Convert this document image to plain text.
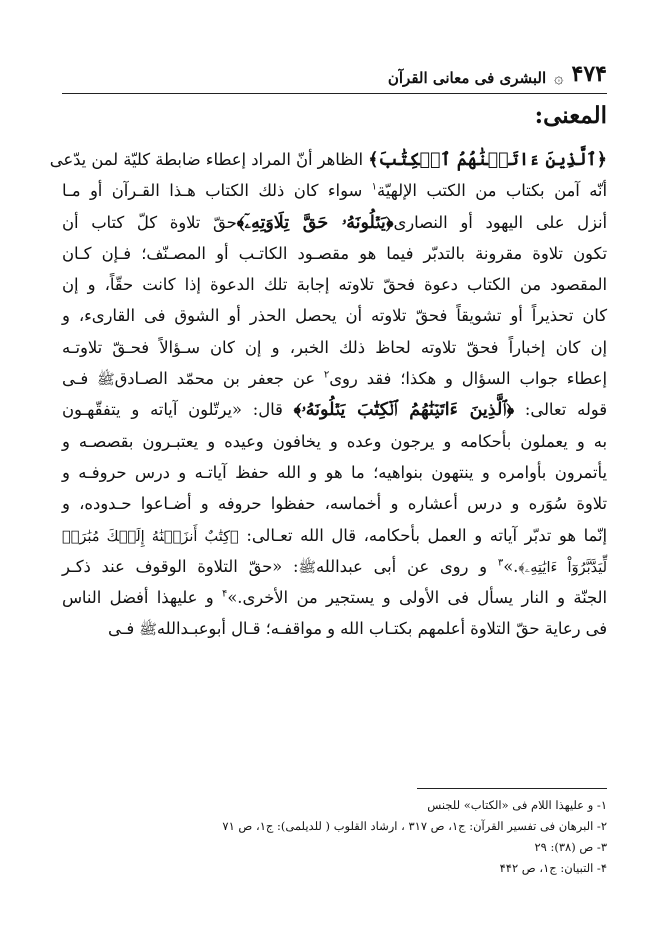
۴۷۴
۞
البشرى فى معانى القرآن
المعنى:
﴿ٱلَّذِينَ ءَاتَيۡنَٰهُمُ ٱلۡكِتَٰبَ﴾ الظاهر أنّ المراد إعطاء ضابطة كليّة لمن يدّعى
أنّه آمن بكتاب من الكتب الإلهيّة$^١$ سواء كان ذلك الكتاب هـذا القـرآن أو مـا
أنزل على اليهود أو النصارى﴿يَتۡلُونَهُۥ حَقَّ تِلَاوَتِهِۦٓ﴾حقّ تلاوة كلّ كتاب أن
تكون تلاوة مقرونة بالتدبّر فيما هو مقصـود الكاتـب أو المصـنّف؛ فـإن كـان
المقصود من الكتاب دعوة فحقّ تلاوته إجابة تلك الدعوة إذا كانت حقّاً، و إن
كان تحذيراً أو تشويقاً فحقّ تلاوته أن يحصل الحذر أو الشوق فى القارىء، و
إن كان إخباراً فحقّ تلاوته لحاظ ذلك الخبر، و إن كان سـؤالاً فحـقّ تلاوتـه
إعطاء جواب السؤال و هكذا؛ فقد روى$^٢$ عن جعفر بن محمّد الصـادقﷺ فـى
قوله تعالى: ﴿ٱلَّذِينَ ءَاتَيۡنَٰهُمُ ٱلۡكِتَٰبَ يَتۡلُونَهُۥ﴾ قال: «يرتّلون آياته و يتفقّهـون
به و يعملون بأحكامه و يرجون وعده و يخافون وعيده و يعتبـرون بقصصـه و
يأتمرون بأوامره و ينتهون بنواهيه؛ ما هو و الله حفظ آياتـه و درس حروفـه و
تلاوة سُوَره و درس أعشاره و أخماسه، حفظوا حروفه و أضـاعوا حـدوده، و
إنّما هو تدبّر آياته و العمل بأحكامه، قال الله تعـالى: ﴿كِتَٰبٌ أَنزَلۡنَٰهُ إِلَيۡكَ مُبَٰرَكٞ
لِّيَدَّبَّرُوٓاْ ءَايَٰتِهِۦ﴾.»$^٣$ و روى عن أبى عبداللهﷺ: «حقّ التلاوة الوقوف عند ذكـر
الجنّة و النار يسأل فى الأولى و يستجير من الأخرى.»$^۴$ و عليهذا أفضل الناس
فى رعاية حقّ التلاوة أعلمهم بكتـاب الله و مواقفـه؛ قـال أبوعبـداللهﷺ فـى
١- و عليهذا اللام فى «الكتاب» للجنس
٢- البرهان فى تفسير القرآن: ج١، ص ٣١٧ ، ارشاد القلوب ( للديلمى): ج١، ص ٧١
٣- ص (٣٨): ٢٩
۴- التبيان: ج١، ص ۴۴٢
